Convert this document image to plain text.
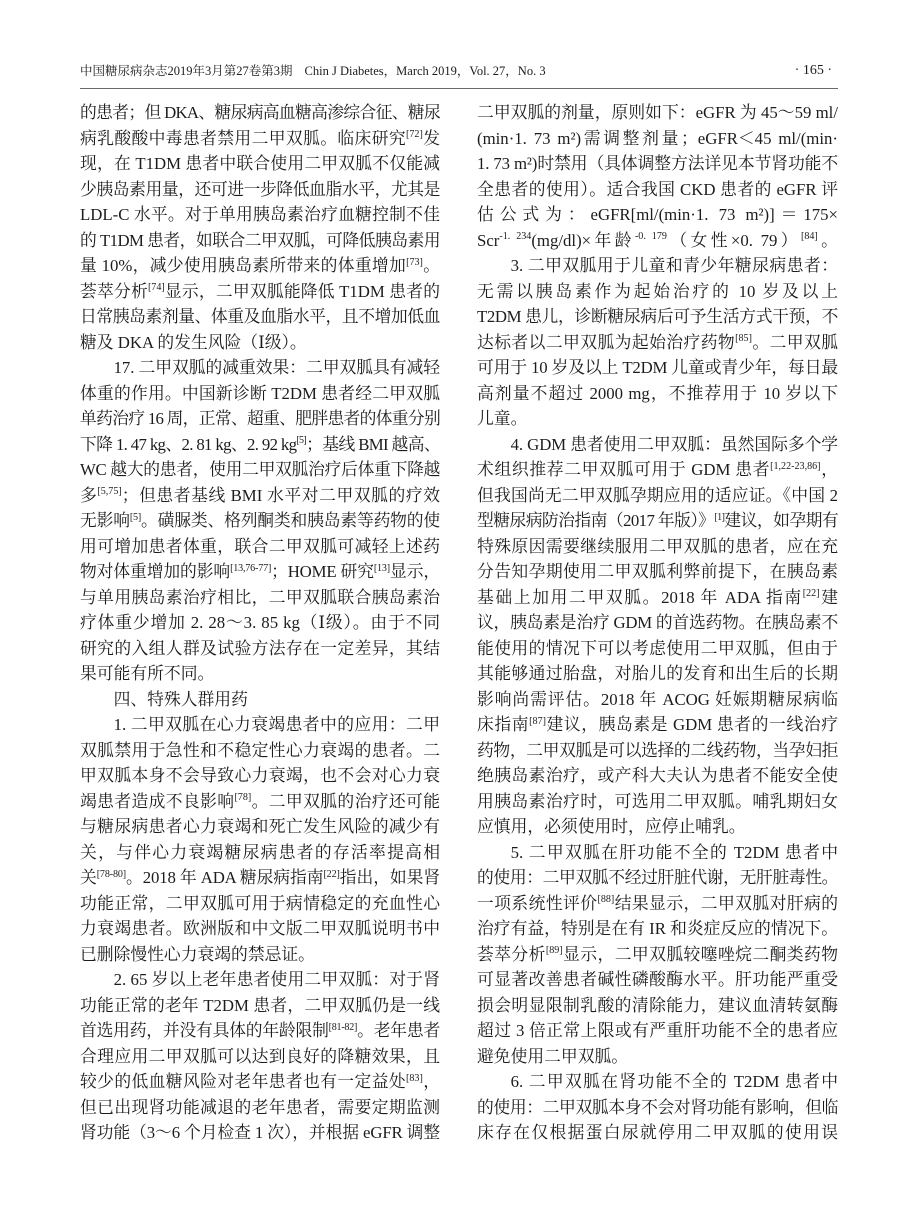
中国糖尿病杂志2019年3月第27卷第3期 Chin J Diabetes，March 2019，Vol. 27，No. 3	· 165 ·
的患者；但 DKA、糖尿病高血糖高渗综合征、糖尿
病乳酸酸中毒患者禁用二甲双胍。临床研究[72]发
现，在 T1DM 患者中联合使用二甲双胍不仅能减
少胰岛素用量，还可进一步降低血脂水平，尤其是
LDL-C 水平。对于单用胰岛素治疗血糖控制不佳
的 T1DM 患者，如联合二甲双胍，可降低胰岛素用
量 10%，减少使用胰岛素所带来的体重增加[73]。
荟萃分析[74]显示，二甲双胍能降低 T1DM 患者的
日常胰岛素剂量、体重及血脂水平，且不增加低血
糖及 DKA 的发生风险（Ⅰ级）。
17. 二甲双胍的减重效果：二甲双胍具有减轻
体重的作用。中国新诊断 T2DM 患者经二甲双胍
单药治疗 16 周，正常、超重、肥胖患者的体重分别
下降 1. 47 kg、2. 81 kg、2. 92 kg[5]；基线 BMI 越高、
WC 越大的患者，使用二甲双胍治疗后体重下降越
多[5,75]；但患者基线 BMI 水平对二甲双胍的疗效
无影响[5]。磺脲类、格列酮类和胰岛素等药物的使
用可增加患者体重，联合二甲双胍可减轻上述药
物对体重增加的影响[13,76-77]；HOME 研究[13]显示，
与单用胰岛素治疗相比，二甲双胍联合胰岛素治
疗体重少增加 2. 28～3. 85 kg（Ⅰ级）。由于不同
研究的入组人群及试验方法存在一定差异，其结
果可能有所不同。
四、特殊人群用药
1. 二甲双胍在心力衰竭患者中的应用：二甲
双胍禁用于急性和不稳定性心力衰竭的患者。二
甲双胍本身不会导致心力衰竭，也不会对心力衰
竭患者造成不良影响[78]。二甲双胍的治疗还可能
与糖尿病患者心力衰竭和死亡发生风险的减少有
关，与伴心力衰竭糖尿病患者的存活率提高相
关[78-80]。2018 年 ADA 糖尿病指南[22]指出，如果肾
功能正常，二甲双胍可用于病情稳定的充血性心
力衰竭患者。欧洲版和中文版二甲双胍说明书中
已删除慢性心力衰竭的禁忌证。
2. 65 岁以上老年患者使用二甲双胍：对于肾
功能正常的老年 T2DM 患者，二甲双胍仍是一线
首选用药，并没有具体的年龄限制[81-82]。老年患者
合理应用二甲双胍可以达到良好的降糖效果，且
较少的低血糖风险对老年患者也有一定益处[83]，
但已出现肾功能减退的老年患者，需要定期监测
肾功能（3～6 个月检查 1 次），并根据 eGFR 调整
二甲双胍的剂量，原则如下：eGFR 为 45～59 ml/
(min·1. 73 m²)需调整剂量；eGFR＜45 ml/(min·
1. 73 m²)时禁用（具体调整方法详见本节肾功能不
全患者的使用）。适合我国 CKD 患者的 eGFR 评
估公式为：eGFR[ml/(min·1. 73 m²)]＝175×
Scr$^{-1. 234}$(mg/dl)×年龄$^{-0. 179}$（女性×0. 79）[84]。
3. 二甲双胍用于儿童和青少年糖尿病患者：
无需以胰岛素作为起始治疗的 10 岁及以上
T2DM 患儿，诊断糖尿病后可予生活方式干预，不
达标者以二甲双胍为起始治疗药物[85]。二甲双胍
可用于 10 岁及以上 T2DM 儿童或青少年，每日最
高剂量不超过 2000 mg，不推荐用于 10 岁以下
儿童。
4. GDM 患者使用二甲双胍：虽然国际多个学
术组织推荐二甲双胍可用于 GDM 患者[1,22-23,86]，
但我国尚无二甲双胍孕期应用的适应证。《中国 2
型糖尿病防治指南（2017 年版）》[1]建议，如孕期有
特殊原因需要继续服用二甲双胍的患者，应在充
分告知孕期使用二甲双胍利弊前提下，在胰岛素
基础上加用二甲双胍。2018 年 ADA 指南[22]建
议，胰岛素是治疗 GDM 的首选药物。在胰岛素不
能使用的情况下可以考虑使用二甲双胍，但由于
其能够通过胎盘，对胎儿的发育和出生后的长期
影响尚需评估。2018 年 ACOG 妊娠期糖尿病临
床指南[87]建议，胰岛素是 GDM 患者的一线治疗
药物，二甲双胍是可以选择的二线药物，当孕妇拒
绝胰岛素治疗，或产科大夫认为患者不能安全使
用胰岛素治疗时，可选用二甲双胍。哺乳期妇女
应慎用，必须使用时，应停止哺乳。
5. 二甲双胍在肝功能不全的 T2DM 患者中
的使用：二甲双胍不经过肝脏代谢，无肝脏毒性。
一项系统性评价[88]结果显示，二甲双胍对肝病的
治疗有益，特别是在有 IR 和炎症反应的情况下。
荟萃分析[89]显示，二甲双胍较噻唑烷二酮类药物
可显著改善患者碱性磷酸酶水平。肝功能严重受
损会明显限制乳酸的清除能力，建议血清转氨酶
超过 3 倍正常上限或有严重肝功能不全的患者应
避免使用二甲双胍。
6. 二甲双胍在肾功能不全的 T2DM 患者中
的使用：二甲双胍本身不会对肾功能有影响，但临
床存在仅根据蛋白尿就停用二甲双胍的使用误
